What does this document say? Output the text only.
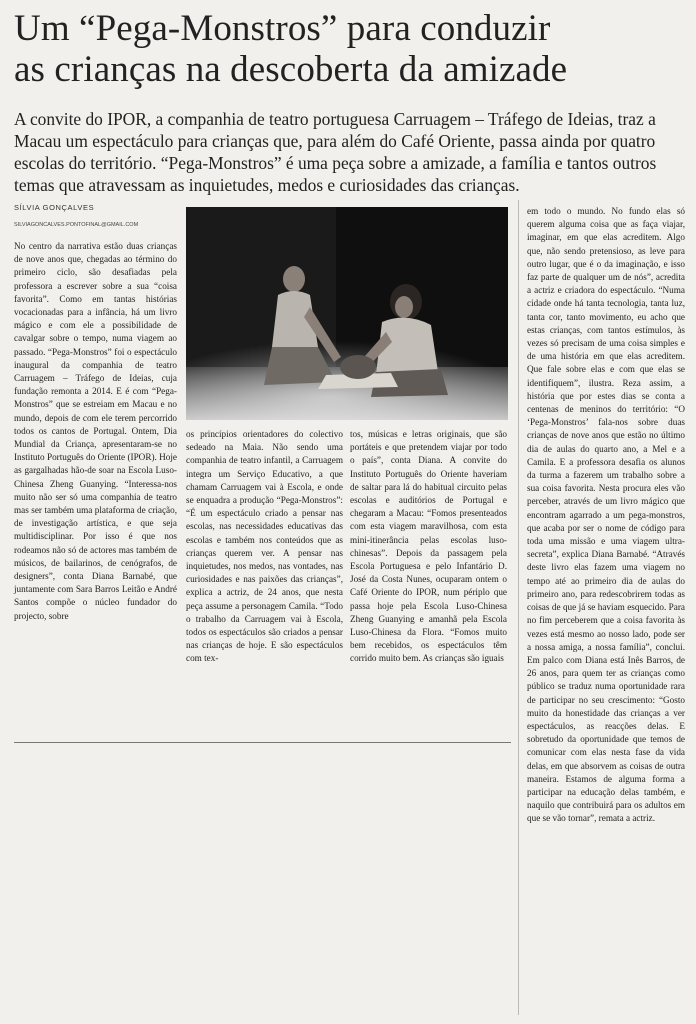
Um “Pega-Monstros” para conduzir
as crianças na descoberta da amizade

A convite do IPOR, a companhia de teatro portuguesa Carruagem – Tráfego de Ideias, traz a Macau um espectáculo para crianças que, para além do Café Oriente, passa ainda por quatro escolas do território. “Pega-Monstros” é uma peça sobre a amizade, a família e tantos outros temas que atravessam as inquietudes, medos e curiosidades das crianças.

SÍLVIA GONÇALVES
SILVIAGONCALVES.PONTOFINAL@GMAIL.COM

No centro da narrativa estão duas crianças de nove anos que, chegadas ao término do primeiro ciclo, são desafiadas pela professora a escrever sobre a sua “coisa favorita”. Como em tantas histórias vocacionadas para a infância, há um livro mágico e com ele a possibilidade de cavalgar sobre o tempo, numa viagem ao passado. “Pega-Monstros” foi o espectáculo inaugural da companhia de teatro Carruagem – Tráfego de Ideias, cuja fundação remonta a 2014. E é com “Pega-Monstros” que se estreiam em Macau e no mundo, depois de com ele terem percorrido todos os cantos de Portugal. Ontem, Dia Mundial da Criança, apresentaram-se no Instituto Português do Oriente (IPOR). Hoje as gargalhadas hão-de soar na Escola Luso-Chinesa Zheng Guanying. “Interessa-nos muito não ser só uma companhia de teatro mas ser também uma plataforma de criação, de investigação artística, e que seja multidisciplinar. Por isso é que nos rodeamos não só de actores mas também de músicos, de bailarinos, de cenógrafos, de designers”, conta Diana Barnabé, que juntamente com Sara Barros Leitão e André Santos compõe o núcleo fundador do projecto, sobre

os princípios orientadores do colectivo sedeado na Maia. Não sendo uma companhia de teatro infantil, a Carruagem integra um Serviço Educativo, a que chamam Carruagem vai à Escola, e onde se enquadra a produção “Pega-Monstros”: “É um espectáculo criado a pensar nas escolas, nas necessidades educativas das escolas e também nos conteúdos que as crianças querem ver. A pensar nas inquietudes, nos medos, nas vontades, nas curiosidades e nas paixões das crianças”, explica a actriz, de 24 anos, que nesta peça assume a personagem Camila. “Todo o trabalho da Carruagem vai à Escola, todos os espectáculos são criados a pensar nas crianças de hoje. E são espectáculos com tex-

tos, músicas e letras originais, que são portáteis e que pretendem viajar por todo o país”, conta Diana. A convite do Instituto Português do Oriente haveriam de saltar para lá do habitual circuito pelas escolas e auditórios de Portugal e chegaram a Macau: “Fomos presenteados com esta viagem maravilhosa, com esta mini-itinerância pelas escolas luso-chinesas”. Depois da passagem pela Escola Portuguesa e pelo Infantário D. José da Costa Nunes, ocuparam ontem o Café Oriente do IPOR, num périplo que passa hoje pela Escola Luso-Chinesa Zheng Guanying e amanhã pela Escola Luso-Chinesa da Flora. “Fomos muito bem recebidos, os espectáculos têm corrido muito bem. As crianças são iguais

em todo o mundo. No fundo elas só querem alguma coisa que as faça viajar, imaginar, em que elas acreditem. Algo que, não sendo pretensioso, as leve para outro lugar, que é o da imaginação, e isso faz parte de qualquer um de nós”, acredita a actriz e criadora do espectáculo. “Numa cidade onde há tanta tecnologia, tanta luz, tanta cor, tanto movimento, eu acho que estas crianças, com tantos estímulos, às vezes só precisam de uma coisa simples e de uma história em que elas acreditem. Que fale sobre elas e com que elas se identifiquem”, ilustra. Reza assim, a história que por estes dias se conta a centenas de meninos do território: “O ‘Pega-Monstros’ fala-nos sobre duas crianças de nove anos que estão no último dia de aulas do quarto ano, a Mel e a Camila. E a professora desafia os alunos da turma a fazerem um trabalho sobre a sua coisa favorita. Nesta procura eles vão perceber, através de um livro mágico que encontram agarrado a um pega-monstros, que acaba por ser o nome de código para toda uma missão e uma viagem ultra-secreta”, explica Diana Barnabé. “Através deste livro elas fazem uma viagem no tempo até ao primeiro dia de aulas do primeiro ano, para redescobrirem todas as coisas de que já se haviam esquecido. Para no fim perceberem que a coisa favorita às vezes está mesmo ao nosso lado, pode ser a nossa amiga, a nossa família”, conclui. Em palco com Diana está Inês Barros, de 26 anos, para quem ter as crianças como público se traduz numa oportunidade rara de participar no seu crescimento: “Gosto muito da honestidade das crianças a ver espectáculos, as reacções delas. E sobretudo da oportunidade que temos de comunicar com elas nesta fase da vida delas, em que absorvem as coisas de outra maneira. Estamos de alguma forma a participar na educação delas também, e naquilo que contribuirá para os adultos em que se vão tornar”, remata a actriz.
